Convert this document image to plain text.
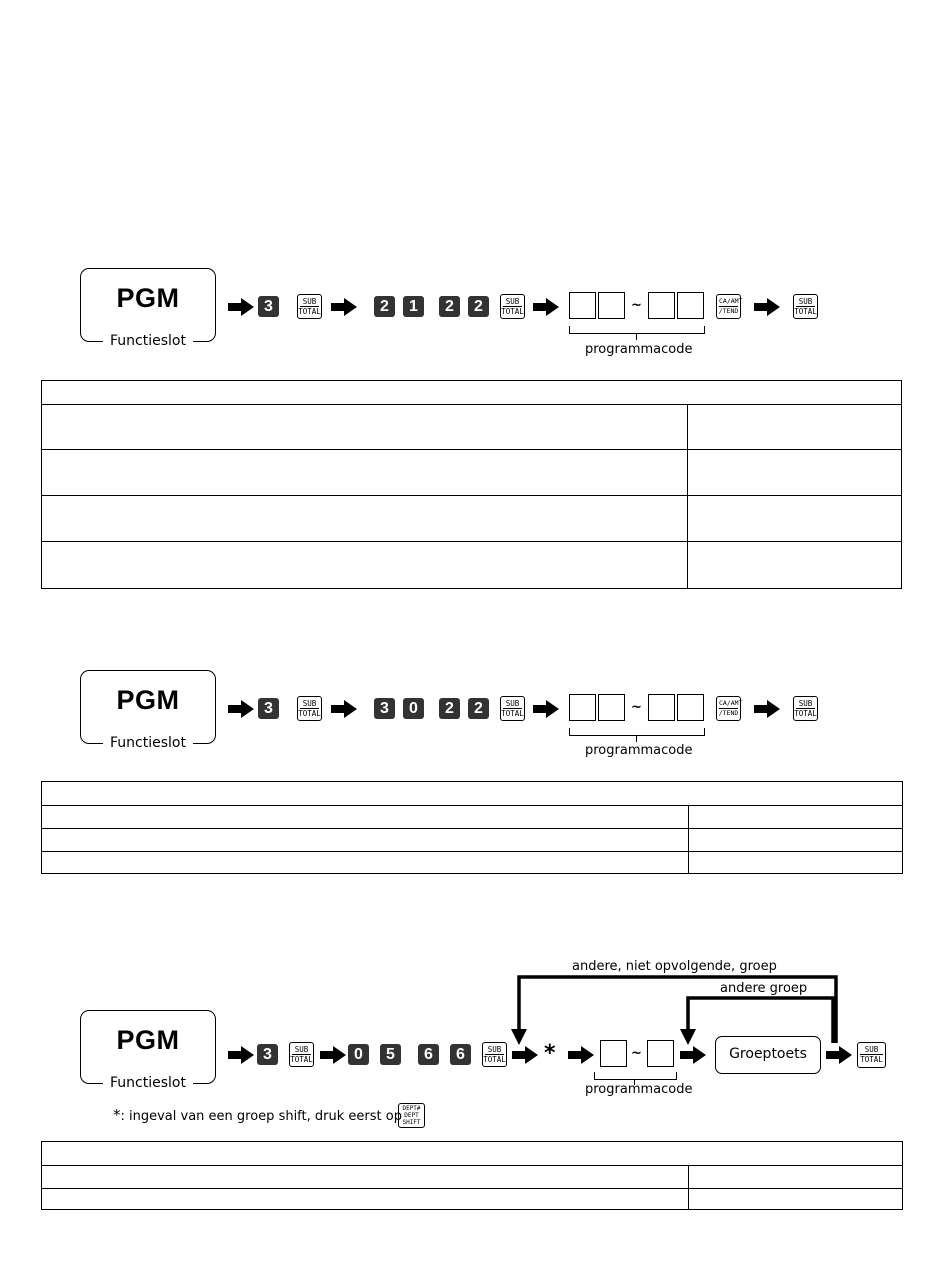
PGM
Functieslot
3	SUB
TOTAL	2	1	2	2	SUB
TOTAL	~
programmacode
CA/AMT
/TEND
SUB
TOTAL
PGM
Functieslot
3	SUB
TOTAL	3	0	2	2	SUB
TOTAL	~
programmacode
CA/AMT
/TEND
SUB
TOTAL
andere, niet opvolgende, groep
andere groep
PGM
Functieslot
3	SUB
TOTAL	0	5	6	6	SUB
TOTAL *	~
programmacode
Groeptoets	SUB
TOTAL
*: ingeval van een groep shift, druk eerst op
DEPT#
DEPT
SHIFT
